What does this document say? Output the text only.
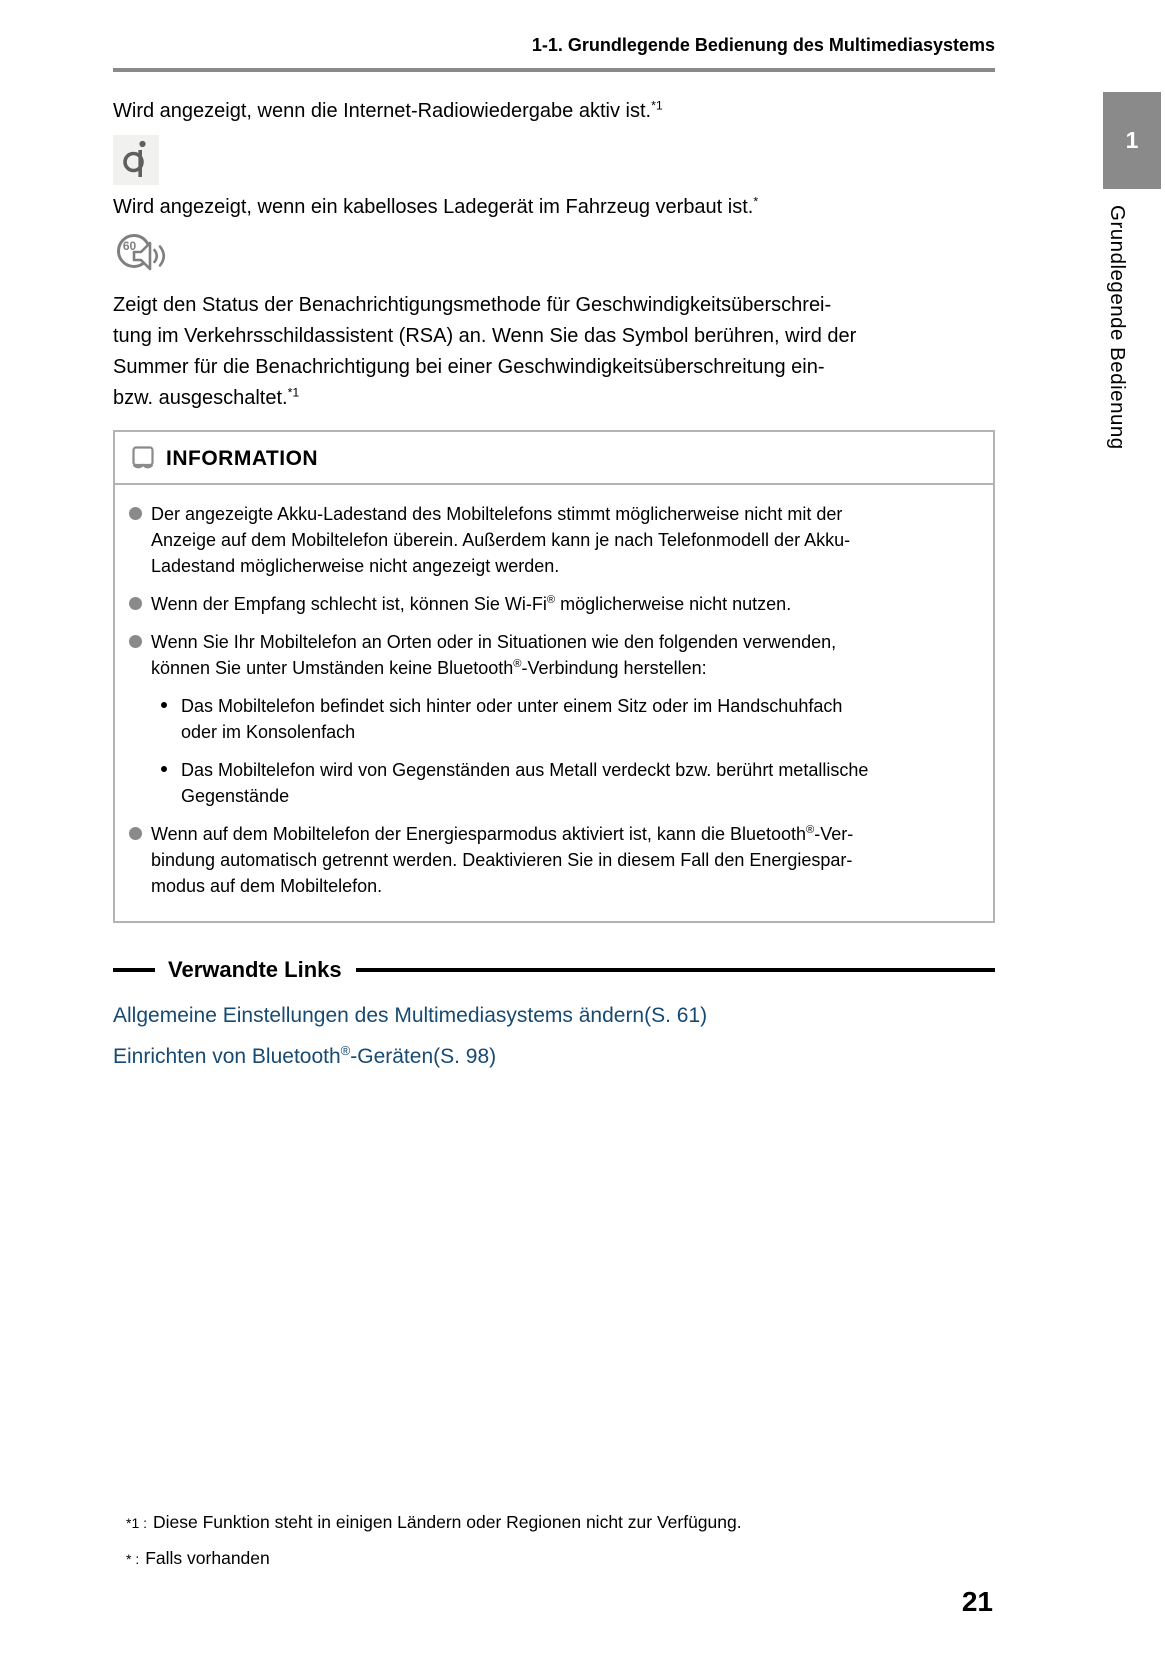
1-1. Grundlegende Bedienung des Multimediasystems
Wird angezeigt, wenn die Internet-Radiowiedergabe aktiv ist.$^{*1}$
Wird angezeigt, wenn ein kabelloses Ladegerät im Fahrzeug verbaut ist.*
60
Zeigt den Status der Benachrichtigungsmethode für Geschwindigkeitsüberschrei-
tung im Verkehrsschildassistent (RSA) an. Wenn Sie das Symbol berühren, wird der
Summer für die Benachrichtigung bei einer Geschwindigkeitsüberschreitung ein-
bzw. ausgeschaltet.$^{*1}$
INFORMATION
Der angezeigte Akku-Ladestand des Mobiltelefons stimmt möglicherweise nicht mit der
Anzeige auf dem Mobiltelefon überein. Außerdem kann je nach Telefonmodell der Akku-
Ladestand möglicherweise nicht angezeigt werden.
Wenn der Empfang schlecht ist, können Sie Wi-Fi® möglicherweise nicht nutzen.
Wenn Sie Ihr Mobiltelefon an Orten oder in Situationen wie den folgenden verwenden,
können Sie unter Umständen keine Bluetooth®-Verbindung herstellen:
Das Mobiltelefon befindet sich hinter oder unter einem Sitz oder im Handschuhfach
oder im Konsolenfach
Das Mobiltelefon wird von Gegenständen aus Metall verdeckt bzw. berührt metallische
Gegenstände
Wenn auf dem Mobiltelefon der Energiesparmodus aktiviert ist, kann die Bluetooth®-Ver-
bindung automatisch getrennt werden. Deaktivieren Sie in diesem Fall den Energiespar-
modus auf dem Mobiltelefon.
Verwandte Links
Allgemeine Einstellungen des Multimediasystems ändern(S. 61)
Einrichten von Bluetooth®-Geräten(S. 98)
*1 : Diese Funktion steht in einigen Ländern oder Regionen nicht zur Verfügung.
* : Falls vorhanden
21
1
Grundlegende Bedienung
